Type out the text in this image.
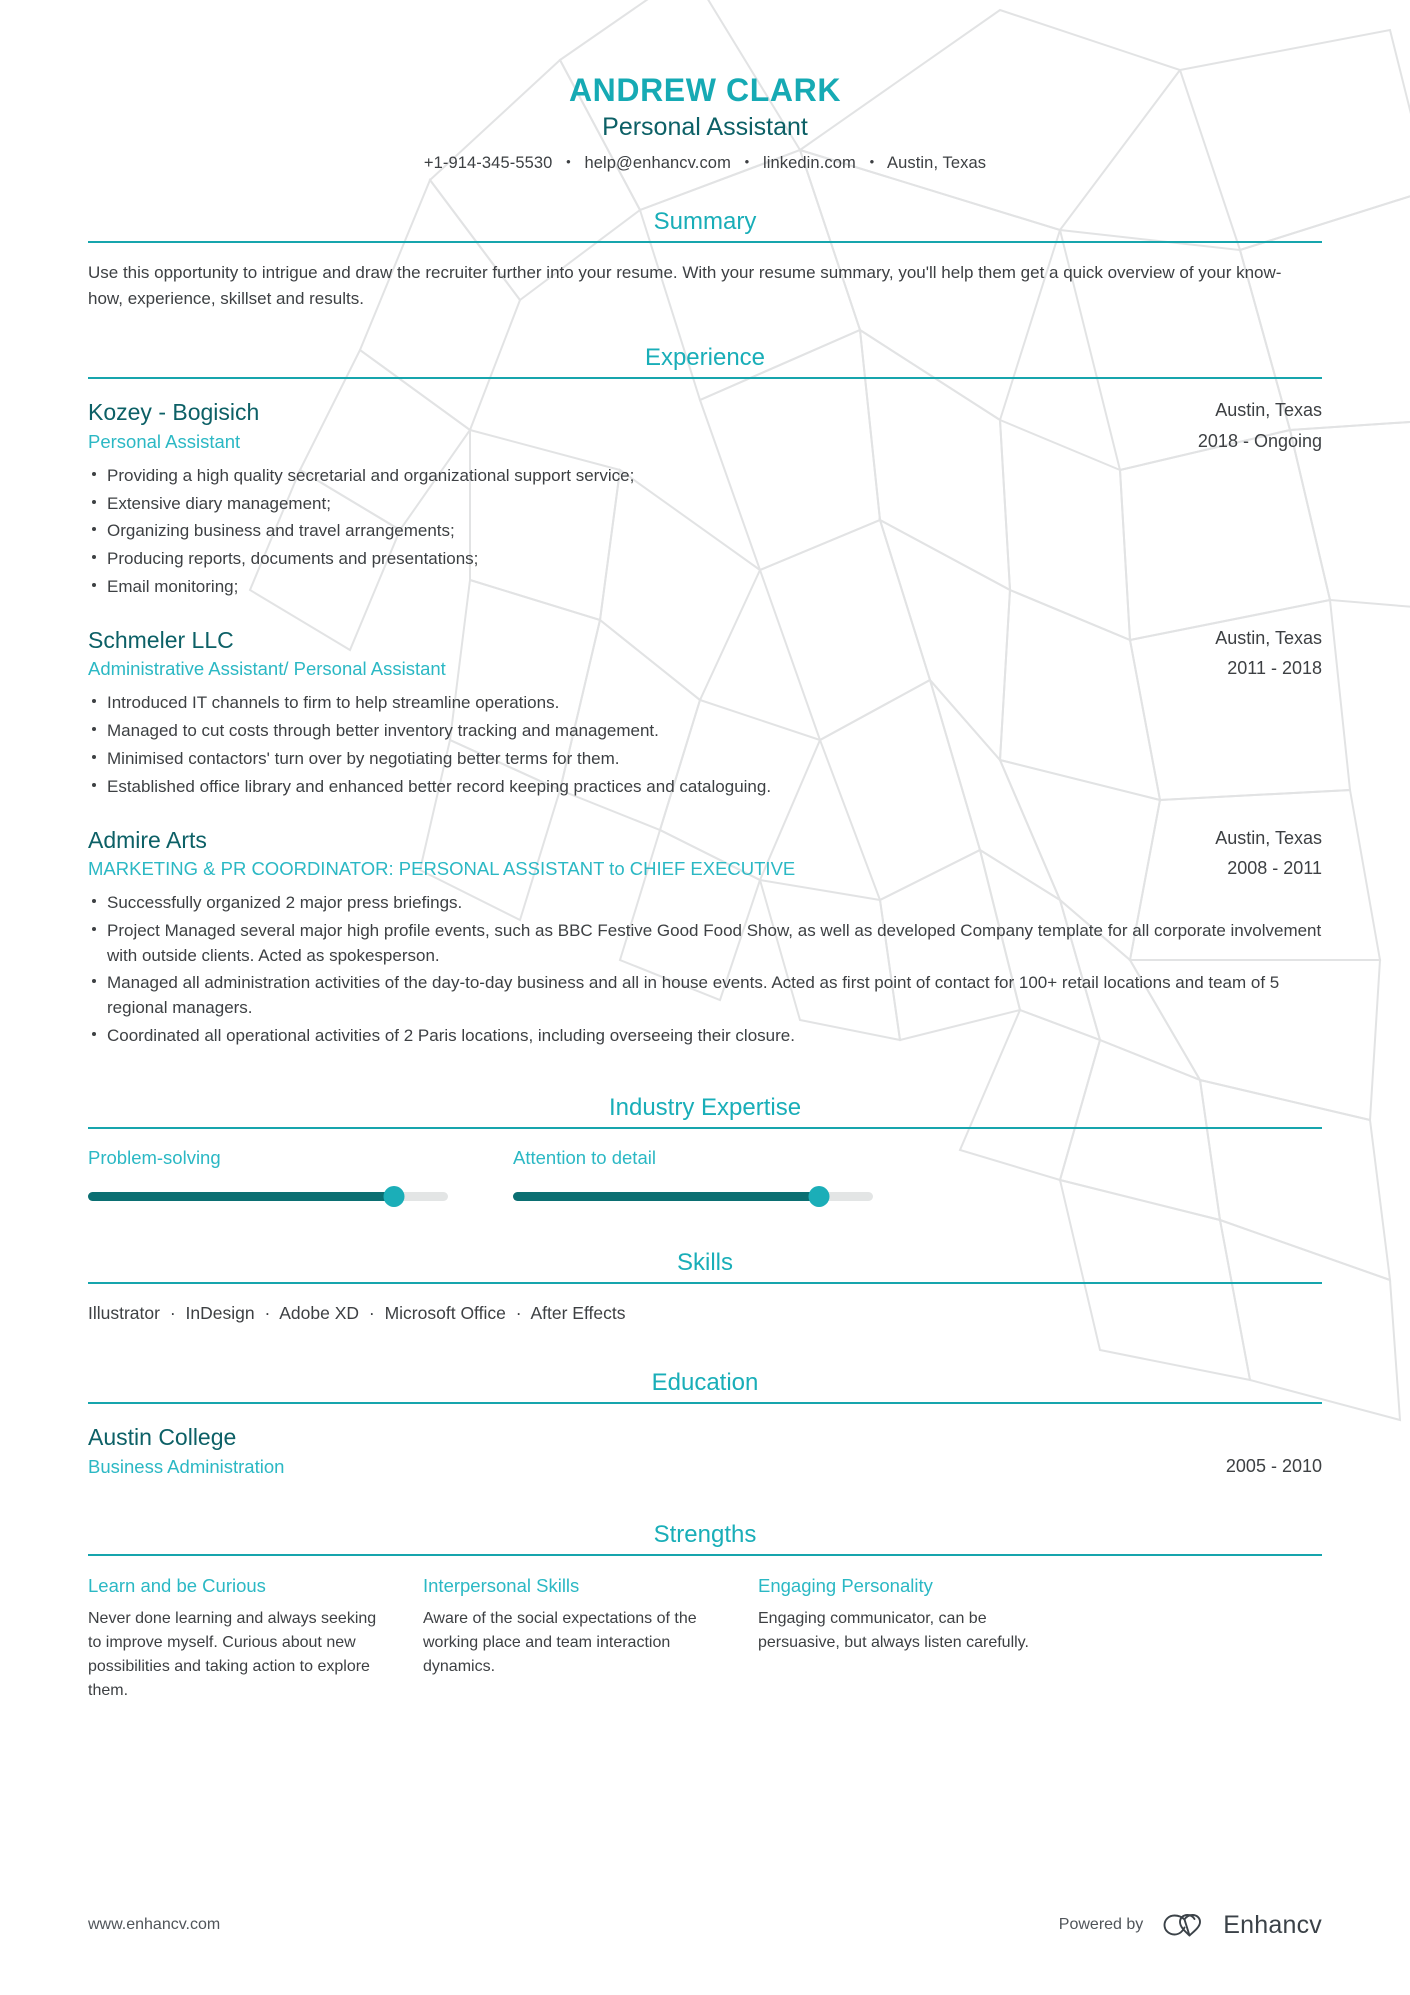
ANDREW CLARK
Personal Assistant
+1-914-345-5530 • help@enhancv.com • linkedin.com • Austin, Texas
Summary
Use this opportunity to intrigue and draw the recruiter further into your resume. With your resume summary, you'll help them get a quick overview of your know-how, experience, skillset and results.
Experience
Kozey - Bogisich
Personal Assistant
Austin, Texas
2018 - Ongoing
Providing a high quality secretarial and organizational support service;
Extensive diary management;
Organizing business and travel arrangements;
Producing reports, documents and presentations;
Email monitoring;
Schmeler LLC
Administrative Assistant/ Personal Assistant
Austin, Texas
2011 - 2018
Introduced IT channels to firm to help streamline operations.
Managed to cut costs through better inventory tracking and management.
Minimised contactors' turn over by negotiating better terms for them.
Established office library and enhanced better record keeping practices and cataloguing.
Admire Arts
MARKETING & PR COORDINATOR: PERSONAL ASSISTANT to CHIEF EXECUTIVE
Austin, Texas
2008 - 2011
Successfully organized 2 major press briefings.
Project Managed several major high profile events, such as BBC Festive Good Food Show, as well as developed Company template for all corporate involvement with outside clients. Acted as spokesperson.
Managed all administration activities of the day-to-day business and all in house events. Acted as first point of contact for 100+ retail locations and team of 5 regional managers.
Coordinated all operational activities of 2 Paris locations, including overseeing their closure.
Industry Expertise
Problem-solving	Attention to detail
Skills
Illustrator · InDesign · Adobe XD · Microsoft Office · After Effects
Education
Austin College
Business Administration	2005 - 2010
Strengths
Learn and be Curious
Never done learning and always seeking to improve myself. Curious about new possibilities and taking action to explore them.
Interpersonal Skills
Aware of the social expectations of the working place and team interaction dynamics.
Engaging Personality
Engaging communicator, can be persuasive, but always listen carefully.
www.enhancv.com	Powered by	Enhancv
